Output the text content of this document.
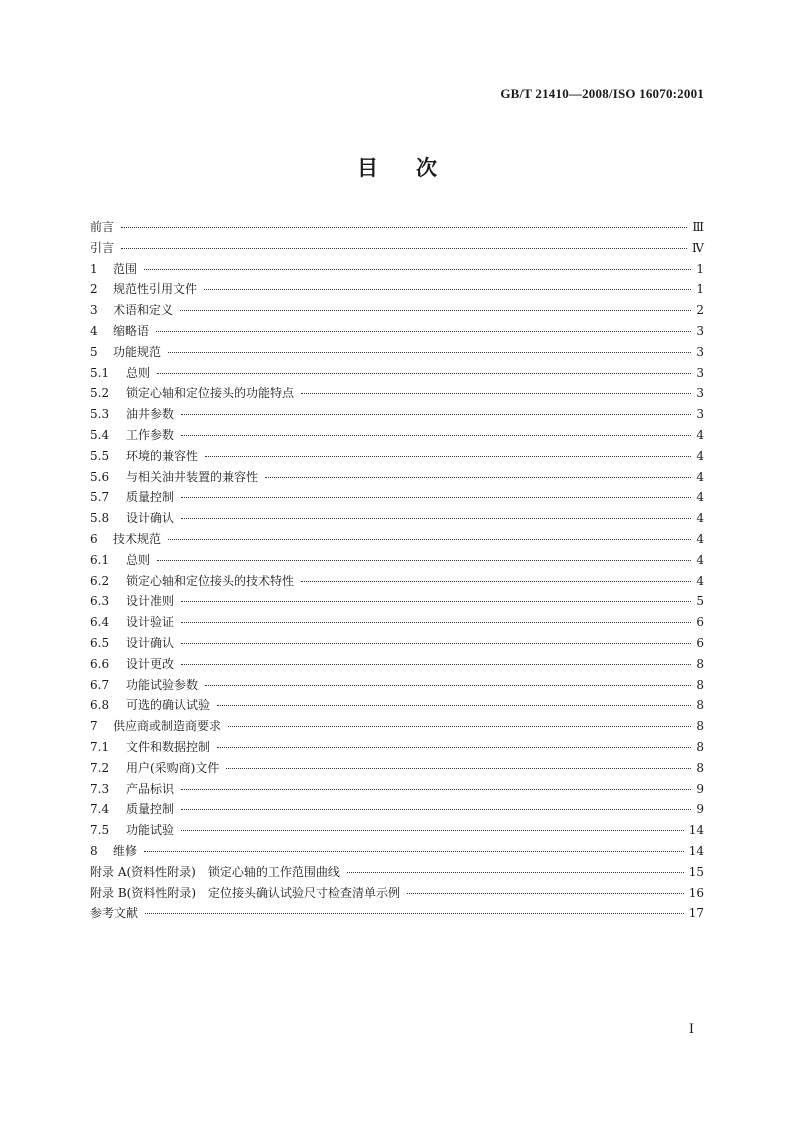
GB/T 21410—2008/ISO 16070:2001
目次
前言	Ⅲ
引言	Ⅳ
1	范围	1
2	规范性引用文件	1
3	术语和定义	2
4	缩略语	3
5	功能规范	3
5.1	总则	3
5.2	锁定心轴和定位接头的功能特点	3
5.3	油井参数	3
5.4	工作参数	4
5.5	环境的兼容性	4
5.6	与相关油井装置的兼容性	4
5.7	质量控制	4
5.8	设计确认	4
6	技术规范	4
6.1	总则	4
6.2	锁定心轴和定位接头的技术特性	4
6.3	设计准则	5
6.4	设计验证	6
6.5	设计确认	6
6.6	设计更改	8
6.7	功能试验参数	8
6.8	可选的确认试验	8
7	供应商或制造商要求	8
7.1	文件和数据控制	8
7.2	用户(采购商)文件	8
7.3	产品标识	9
7.4	质量控制	9
7.5	功能试验	14
8	维修	14
附录 A(资料性附录)　锁定心轴的工作范围曲线	15
附录 B(资料性附录)　定位接头确认试验尺寸检查清单示例	16
参考文献	17
Ⅰ
